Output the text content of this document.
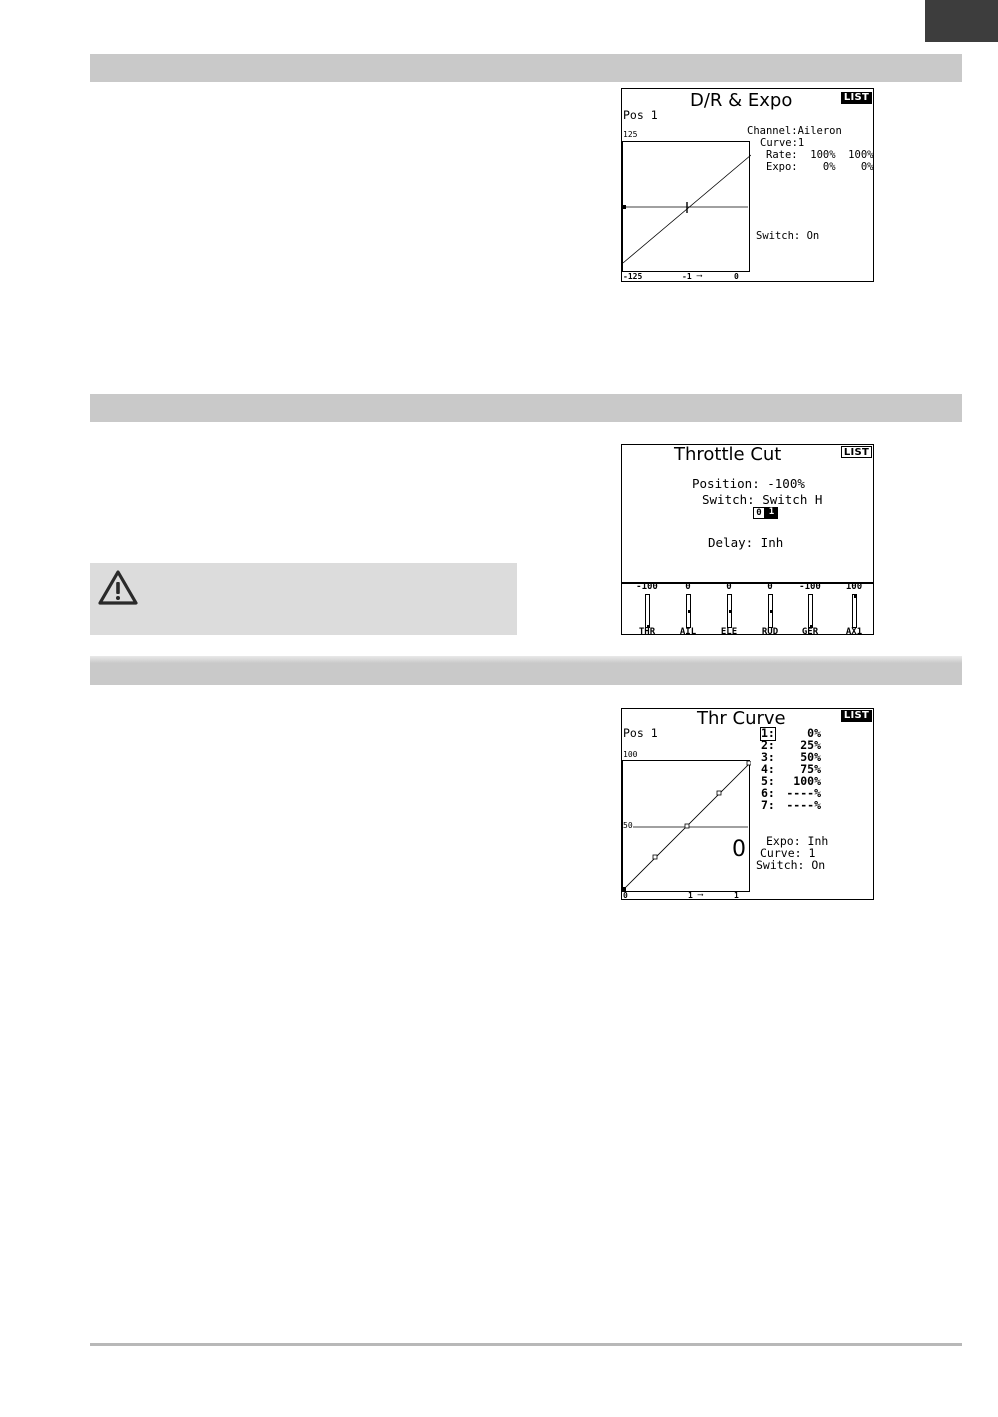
D/R & Expo	LIST
Pos 1
125
-125	-1 ⟶	0
Channel:Aileron
Curve:1
Rate:  100%  100%
Expo:    0%    0%
Switch: On
Throttle Cut	LIST
Position: -100%
Switch: Switch H
0 1
Delay: Inh
-100
THR
0
AIL
0
ELE
0
RUD
-100
GER
100
AX1
Thr Curve	LIST
Pos 1
100
50
0
0	1 ⟶	1
1:	0%
2:	25%
3:	50%
4:	75%
5:	100%
6:	----%
7:	----%
Expo: Inh
Curve: 1
Switch: On
